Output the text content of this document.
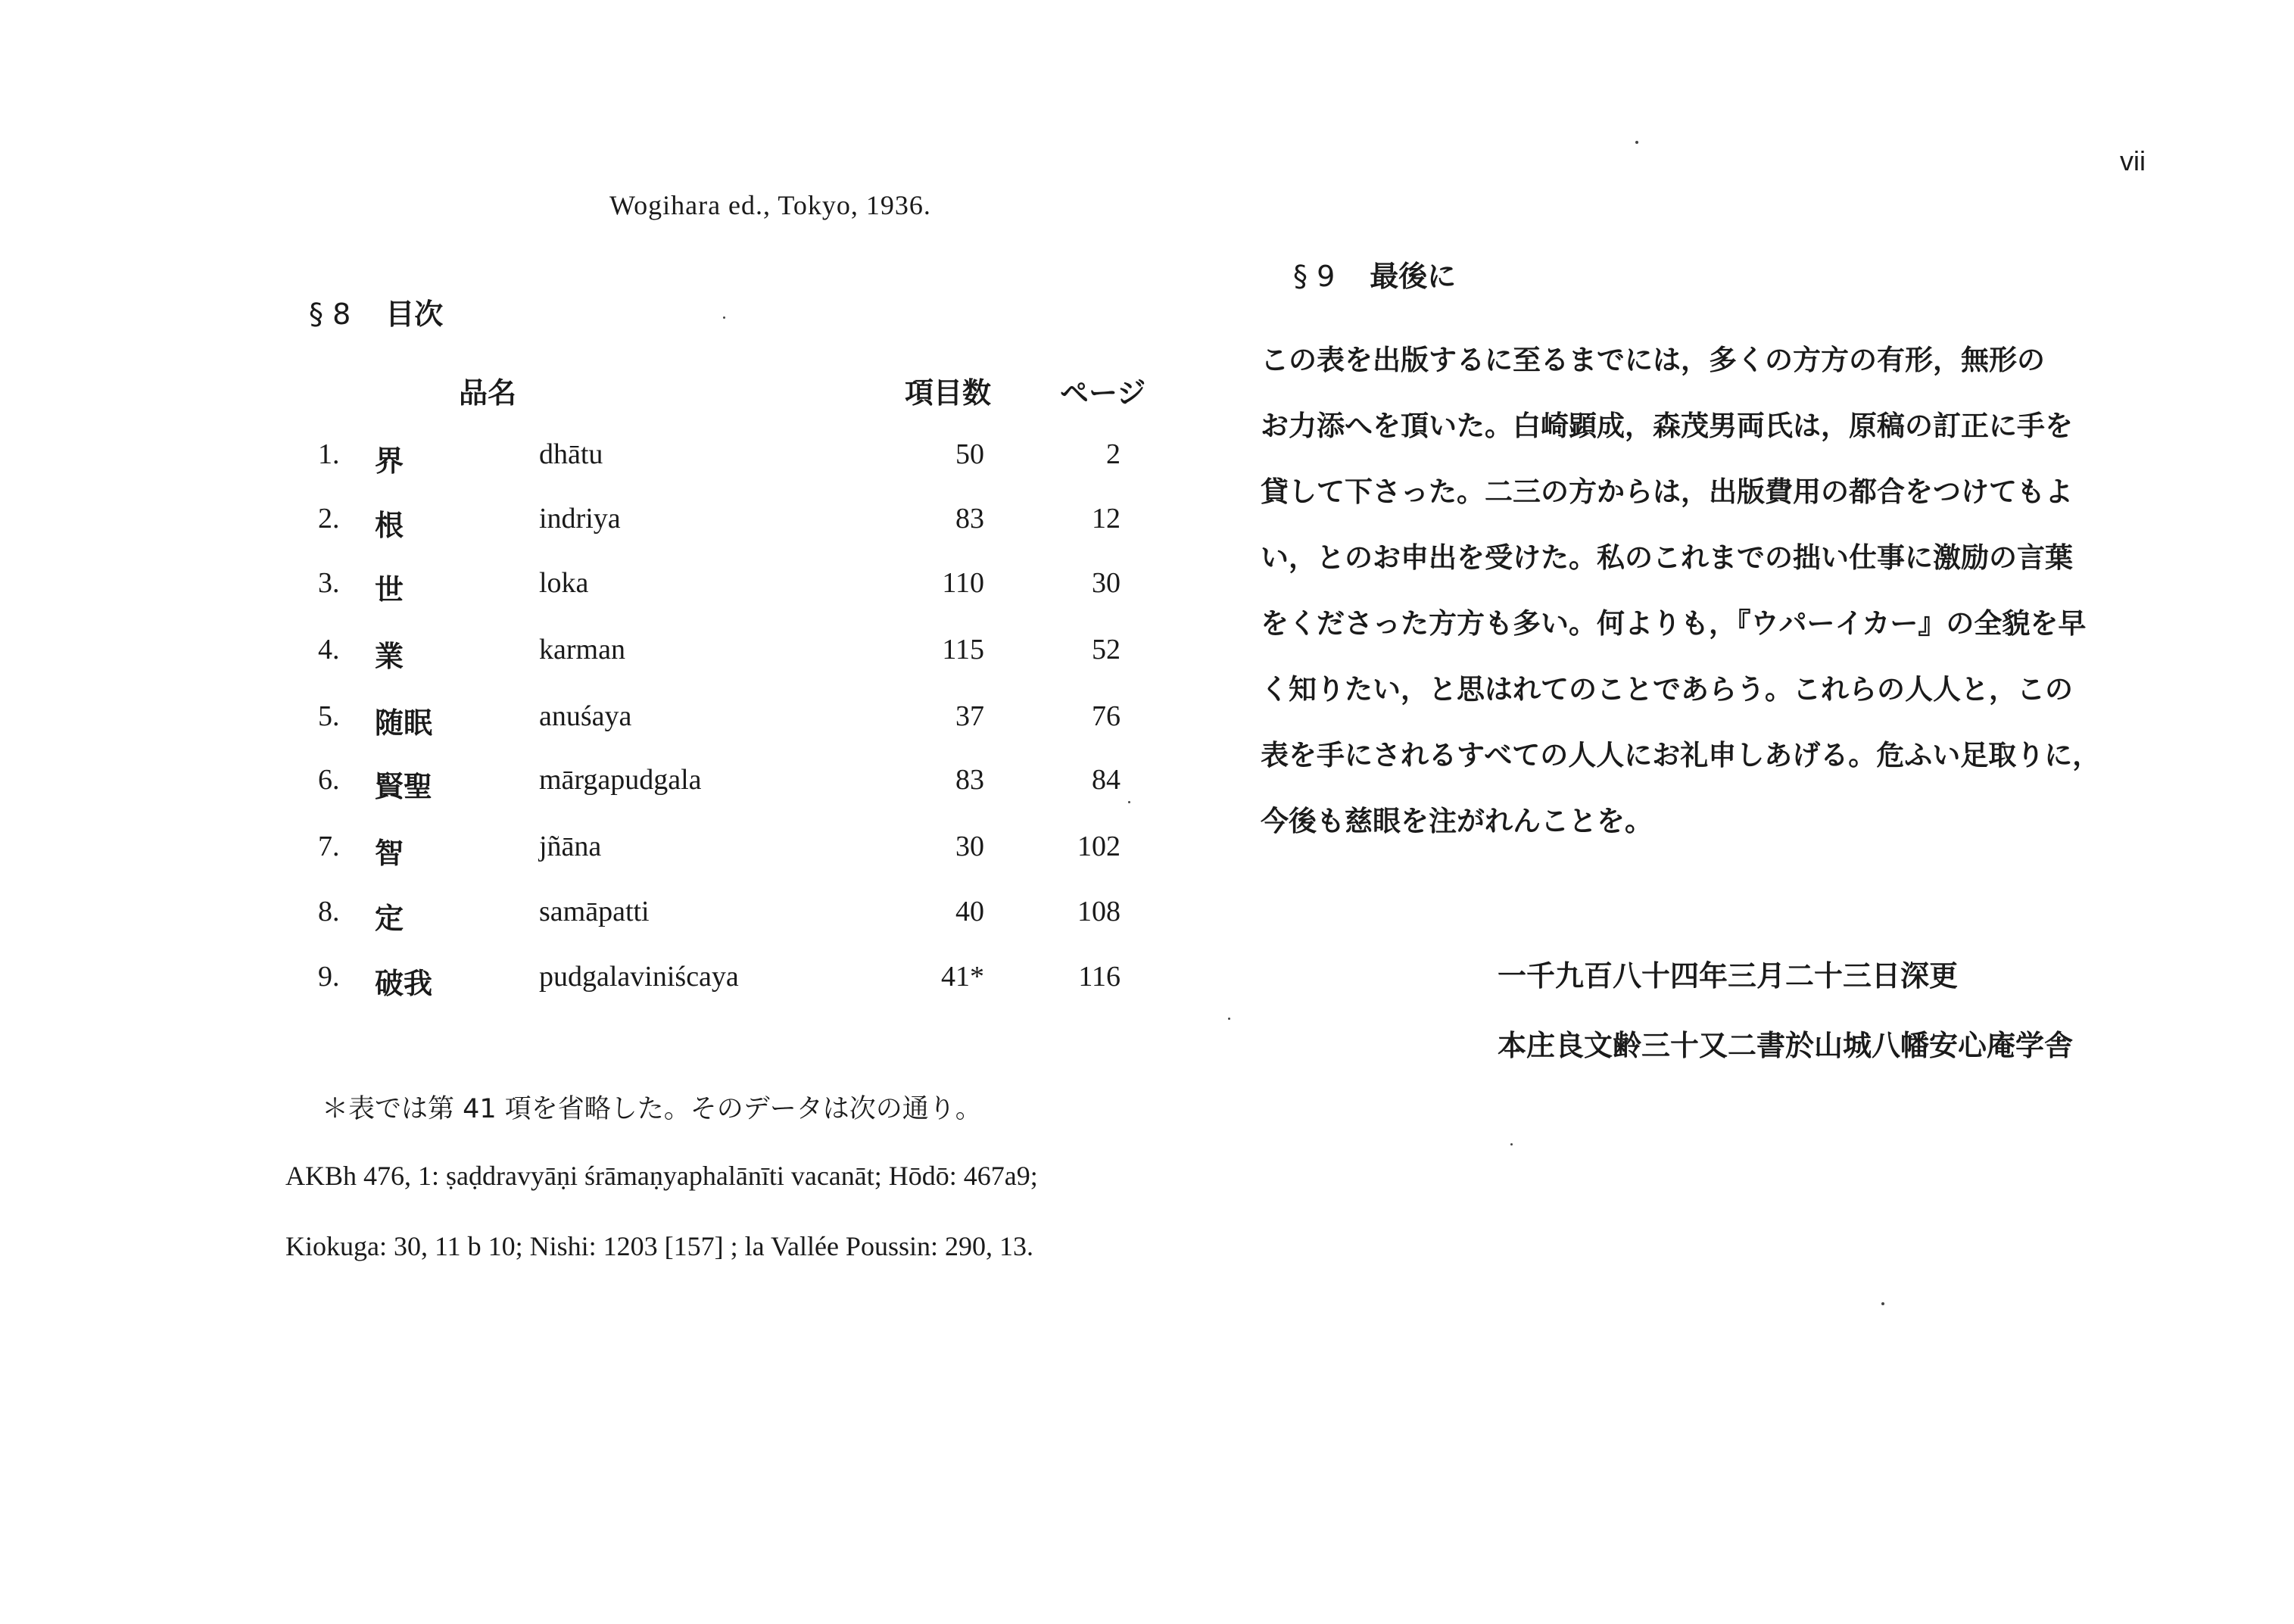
vii
Wogihara ed., Tokyo, 1936.
§ 8 目次
品名	項目数 ページ
1. 界	dhātu	50	2
2. 根	indriya	83	12
3. 世	loka	110	30
4. 業	karman	115	52
5. 随眠	anuśaya	37	76
6. 賢聖	mārgapudgala	83	84
7. 智	jñāna	30	102
8. 定	samāpatti	40	108
9. 破我	pudgalaviniścaya	41*	116
＊表では第 41 項を省略した。そのデータは次の通り。
AKBh 476, 1: ṣaḍdravyāṇi śrāmaṇyaphalānīti vacanāt; Hōdō: 467a9;
Kiokuga: 30, 11 b 10; Nishi: 1203 [157] ; la Vallée Poussin: 290, 13.
§ 9 最後に
この表を出版するに至るまでには，多くの方方の有形，無形の
お力添へを頂いた。白崎顕成，森茂男両氏は，原稿の訂正に手を
貸して下さった。二三の方からは，出版費用の都合をつけてもよ
い，とのお申出を受けた。私のこれまでの拙い仕事に激励の言葉
をくださった方方も多い。何よりも，『ウパーイカー』の全貌を早
く知りたい，と思はれてのことであらう。これらの人人と，この
表を手にされるすべての人人にお礼申しあげる。危ふい足取りに，
今後も慈眼を注がれんことを。
一千九百八十四年三月二十三日深更
本庄良文齢三十又二書於山城八幡安心庵学舎
